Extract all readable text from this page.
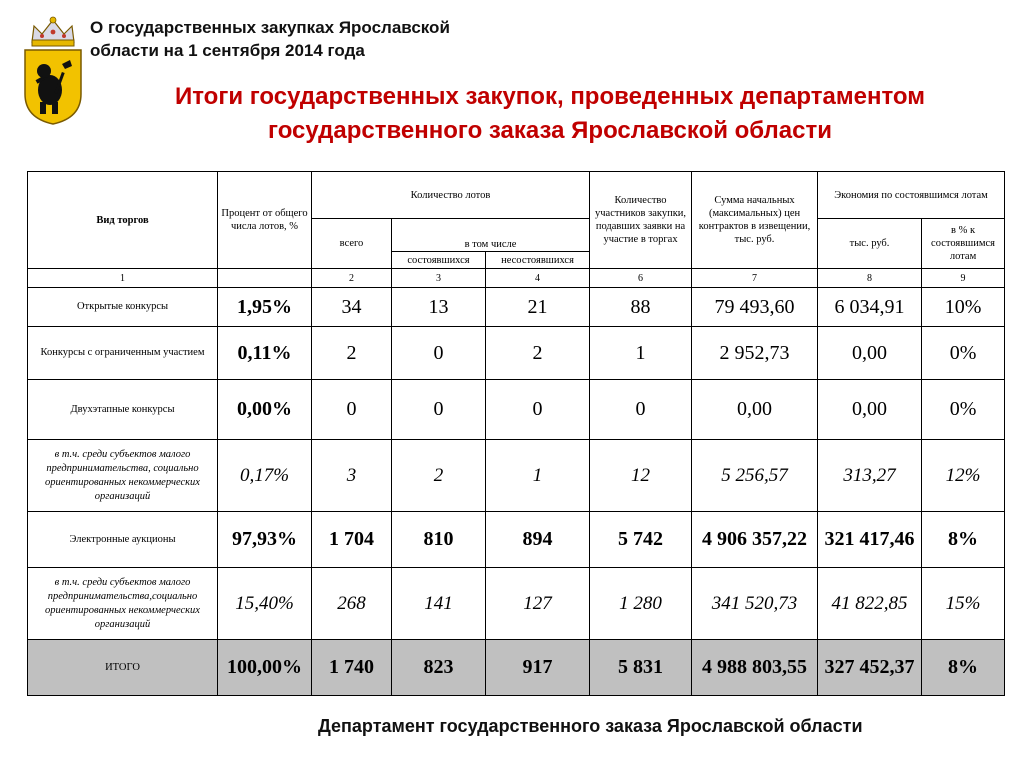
О государственных закупках Ярославской
области на 1 сентября 2014 года
Итоги государственных закупок, проведенных департаментом
государственного заказа Ярославской области
Вид торгов	Процент от общего числа лотов, %	Количество лотов			Количество участников закупки, подавших заявки на участие в торгах	Сумма начальных (максимальных) цен контрактов в извещении, тыс. руб.	Экономия по состоявшимся лотам	
		всего	в том числе				тыс. руб.	в % к состоявшимся лотам
			состоявшихся	несостоявшихся				
1		2	3	4	6	7	8	9
Открытые конкурсы	1,95%	34	13	21	88	79 493,60	6 034,91	10%
Конкурсы с ограниченным участием	0,11%	2	0	2	1	2 952,73	0,00	0%
Двухэтапные конкурсы	0,00%	0	0	0	0	0,00	0,00	0%
в т.ч. среди субъектов малого предпринимательства, социально ориентированных некоммерческих организаций	0,17%	3	2	1	12	5 256,57	313,27	12%
Электронные аукционы	97,93%	1 704	810	894	5 742	4 906 357,22	321 417,46	8%
в т.ч. среди субъектов малого предпринимательства,социально ориентированных некоммерческих организаций	15,40%	268	141	127	1 280	341 520,73	41 822,85	15%
ИТОГО	100,00%	1 740	823	917	5 831	4 988 803,55	327 452,37	8%
Департамент государственного заказа Ярославской области
